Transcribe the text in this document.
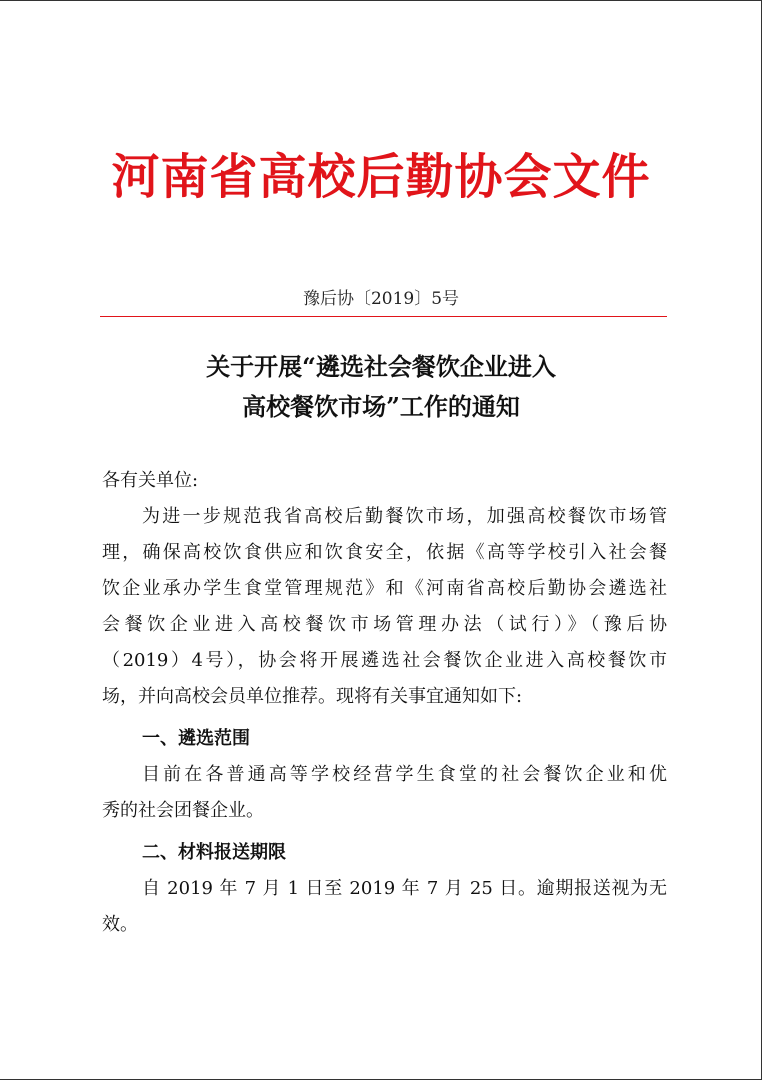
河南省高校后勤协会文件
豫后协〔2019〕5号
关于开展“遴选社会餐饮企业进入
高校餐饮市场”工作的通知
各有关单位:
为进一步规范我省高校后勤餐饮市场，加强高校餐饮市场管
理，确保高校饮食供应和饮食安全，依据《高等学校引入社会餐
饮企业承办学生食堂管理规范》和《河南省高校后勤协会遴选社
会餐饮企业进入高校餐饮市场管理办法（试行）》（豫后协
（2019）4号），协会将开展遴选社会餐饮企业进入高校餐饮市
场，并向高校会员单位推荐。现将有关事宜通知如下:
一、遴选范围
目前在各普通高等学校经营学生食堂的社会餐饮企业和优
秀的社会团餐企业。
二、材料报送期限
自 2019 年 7 月 1 日至 2019 年 7 月 25 日。逾期报送视为无
效。
